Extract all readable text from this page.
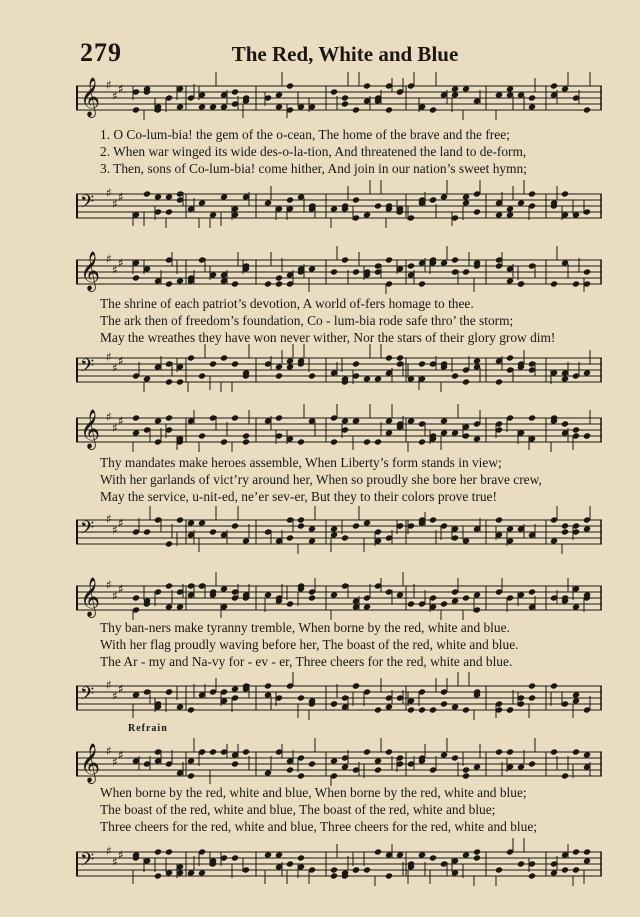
279	The Red, White and Blue
𝄞 ♯
♯ ♯
1. O Co-lum-bia! the gem of the o-cean, The home of the brave and the free;
2. When war winged its wide des-o-la-tion, And threatened the land to de-form,
3. Then, sons of Co-lum-bia! come hither, And join in our nation’s sweet hymn;
𝄢 ♯
♯ ♯
𝄞 ♯
♯ ♯
The shrine of each patriot’s devotion, A world of-fers homage to thee.
The ark then of freedom’s foundation, Co - lum-bia rode safe thro’ the storm;
May the wreathes they have won never wither, Nor the stars of their glory grow dim!
𝄢 ♯
♯ ♯
𝄞 ♯
♯ ♯
Thy mandates make heroes assemble, When Liberty’s form stands in view;
With her garlands of vict’ry around her, When so proudly she bore her brave crew,
May the service, u-nit-ed, ne’er sev-er, But they to their colors prove true!
𝄢 ♯
♯ ♯
𝄞 ♯
♯ ♯
Thy ban-ners make tyranny tremble, When borne by the red, white and blue.
With her flag proudly waving before her, The boast of the red, white and blue.
The Ar - my and Na-vy for - ev - er, Three cheers for the red, white and blue.
𝄢 ♯
♯ ♯
Refrain
𝄞 ♯
♯ ♯
When borne by the red, white and blue, When borne by the red, white and blue;
The boast of the red, white and blue, The boast of the red, white and blue;
Three cheers for the red, white and blue, Three cheers for the red, white and blue;
𝄢 ♯
♯ ♯
